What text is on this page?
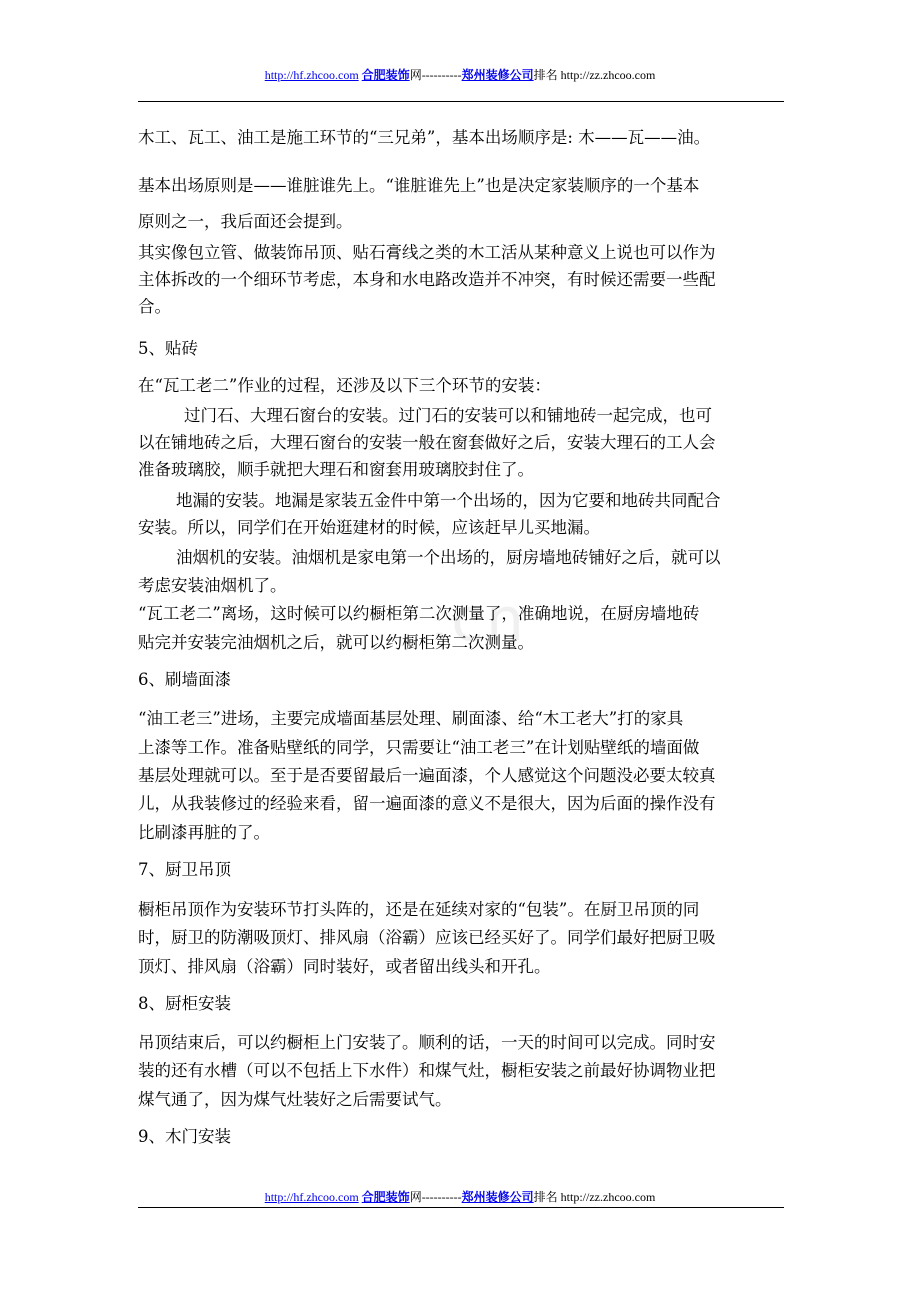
http://hf.zhcoo.com 合肥装饰网----------郑州装修公司排名 http://zz.zhcoo.com
.cn
木工、瓦工、油工是施工环节的“三兄弟”，基本出场顺序是: 木——瓦——油。
基本出场原则是——谁脏谁先上。“谁脏谁先上”也是决定家装顺序的一个基本
原则之一，我后面还会提到。
其实像包立管、做装饰吊顶、贴石膏线之类的木工活从某种意义上说也可以作为
主体拆改的一个细环节考虑，本身和水电路改造并不冲突，有时候还需要一些配
合。
5、贴砖
在“瓦工老二”作业的过程，还涉及以下三个环节的安装：
过门石、大理石窗台的安装。过门石的安装可以和铺地砖一起完成，也可
以在铺地砖之后，大理石窗台的安装一般在窗套做好之后，安装大理石的工人会
准备玻璃胶，顺手就把大理石和窗套用玻璃胶封住了。
地漏的安装。地漏是家装五金件中第一个出场的，因为它要和地砖共同配合
安装。所以，同学们在开始逛建材的时候，应该赶早儿买地漏。
油烟机的安装。油烟机是家电第一个出场的，厨房墙地砖铺好之后，就可以
考虑安装油烟机了。
“瓦工老二”离场，这时候可以约橱柜第二次测量了，准确地说，在厨房墙地砖
贴完并安装完油烟机之后，就可以约橱柜第二次测量。
6、刷墙面漆
“油工老三”进场，主要完成墙面基层处理、刷面漆、给“木工老大”打的家具
上漆等工作。准备贴壁纸的同学，只需要让“油工老三”在计划贴壁纸的墙面做
基层处理就可以。至于是否要留最后一遍面漆，个人感觉这个问题没必要太较真
儿，从我装修过的经验来看，留一遍面漆的意义不是很大，因为后面的操作没有
比刷漆再脏的了。
7、厨卫吊顶
橱柜吊顶作为安装环节打头阵的，还是在延续对家的“包装”。在厨卫吊顶的同
时，厨卫的防潮吸顶灯、排风扇（浴霸）应该已经买好了。同学们最好把厨卫吸
顶灯、排风扇（浴霸）同时装好，或者留出线头和开孔。
8、厨柜安装
吊顶结束后，可以约橱柜上门安装了。顺利的话，一天的时间可以完成。同时安
装的还有水槽（可以不包括上下水件）和煤气灶，橱柜安装之前最好协调物业把
煤气通了，因为煤气灶装好之后需要试气。
9、木门安装
http://hf.zhcoo.com 合肥装饰网----------郑州装修公司排名 http://zz.zhcoo.com
